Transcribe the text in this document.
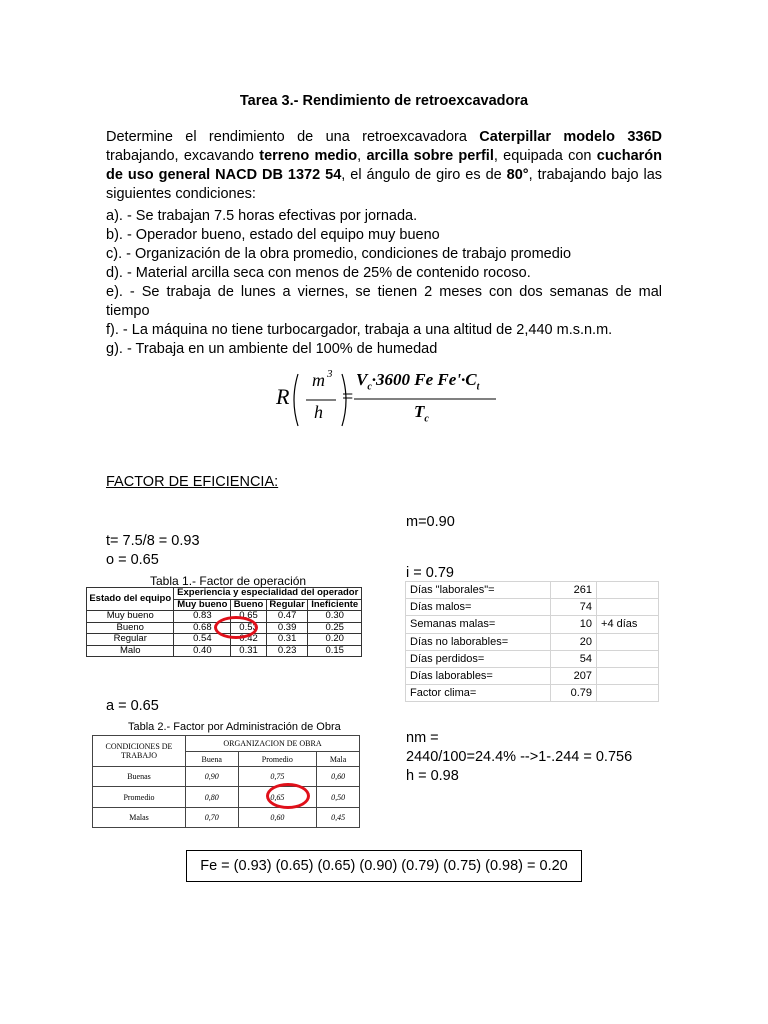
Tarea 3.- Rendimiento de retroexcavadora
Determine el rendimiento de una retroexcavadora Caterpillar modelo 336D trabajando, excavando terreno medio, arcilla sobre perfil, equipada con cucharón de uso general NACD DB 1372 54, el ángulo de giro es de 80°, trabajando bajo las siguientes condiciones:
a). - Se trabajan 7.5 horas efectivas por jornada.
b). - Operador bueno, estado del equipo muy bueno
c). - Organización de la obra promedio, condiciones de trabajo promedio
d). - Material arcilla seca con menos de 25% de contenido rocoso.
e). - Se trabaja de lunes a viernes, se tienen 2 meses con dos semanas de mal tiempo
f). - La máquina no tiene turbocargador, trabaja a una altitud de 2,440 m.s.n.m.
g). - Trabaja en un ambiente del 100% de humedad
R
m 3
h
=
$V_c\cdot 3600$ Fe $Fe'\cdot C_t$
$T_c$
FACTOR DE EFICIENCIA:
t= 7.5/8 = 0.93
o = 0.65
m=0.90
i = 0.79
Tabla 1.- Factor de operación
Estado del equipo	Experiencia y especialidad del operador			
	Muy bueno	Bueno	Regular	Ineficiente
Muy bueno	0.83	0.65	0.47	0.30
Bueno	0.68	0.53	0.39	0.25
Regular	0.54	0.42	0.31	0.20
Malo	0.40	0.31	0.23	0.15
Días "laborales"=	261	
Días malos=	74	
Semanas malas=	10	+4 días
Días no laborables=	20	
Días perdidos=	54	
Días laborables=	207	
Factor clima=	0.79	
a = 0.65
Tabla 2.- Factor por Administración de Obra
CONDICIONES DE TRABAJO	ORGANIZACION DE OBRA		
	Buena	Promedio	Mala
Buenas	0,90	0,75	0,60
Promedio	0,80	0,65	0,50
Malas	0,70	0,60	0,45
nm =
2440/100=24.4% -->1-.244 = 0.756
h = 0.98
Fe = (0.93) (0.65) (0.65) (0.90) (0.79) (0.75) (0.98) = 0.20
